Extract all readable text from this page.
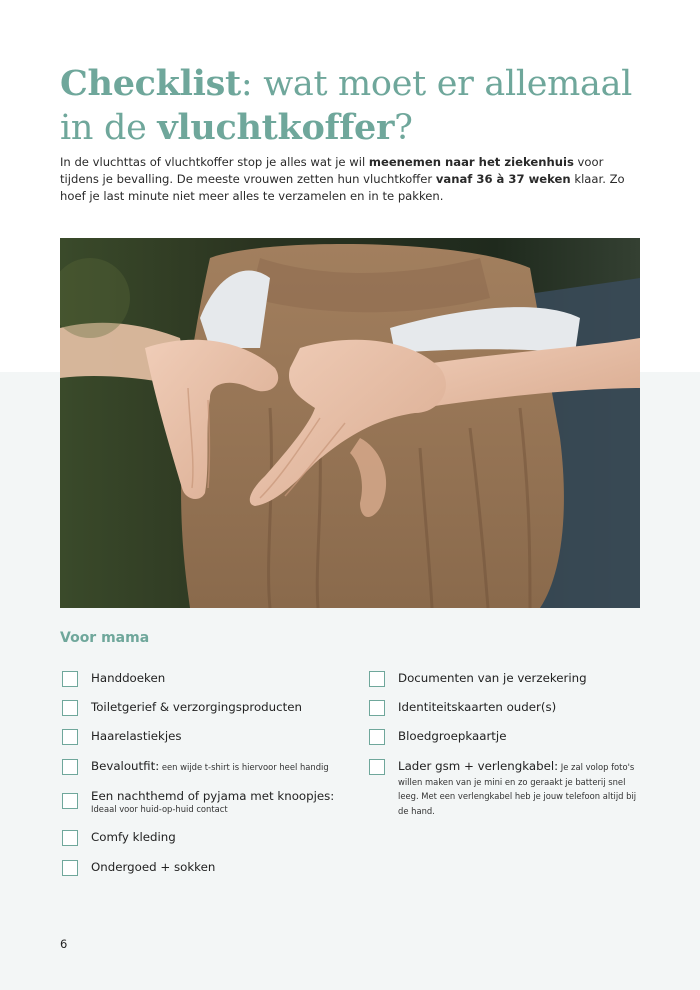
Checklist: wat moet er allemaal in de vluchtkoffer?

In de vluchttas of vluchtkoffer stop je alles wat je wil meenemen naar het ziekenhuis voor tijdens je bevalling. De meeste vrouwen zetten hun vluchtkoffer vanaf 36 à 37 weken klaar. Zo hoef je last minute niet meer alles te verzamelen en in te pakken.

Voor mama
Handdoeken
Toiletgerief & verzorgingsproducten
Haarelastiekjes
Bevaloutfit: een wijde t-shirt is hiervoor heel handig
Een nachthemd of pyjama met knoopjes:
Ideaal voor huid-op-huid contact
Comfy kleding
Ondergoed + sokken
Documenten van je verzekering
Identiteitskaarten ouder(s)
Bloedgroepkaartje
Lader gsm + verlengkabel: Je zal volop foto's willen maken van je mini en zo geraakt je batterij snel leeg. Met een verlengkabel heb je jouw telefoon altijd bij de hand.
6
